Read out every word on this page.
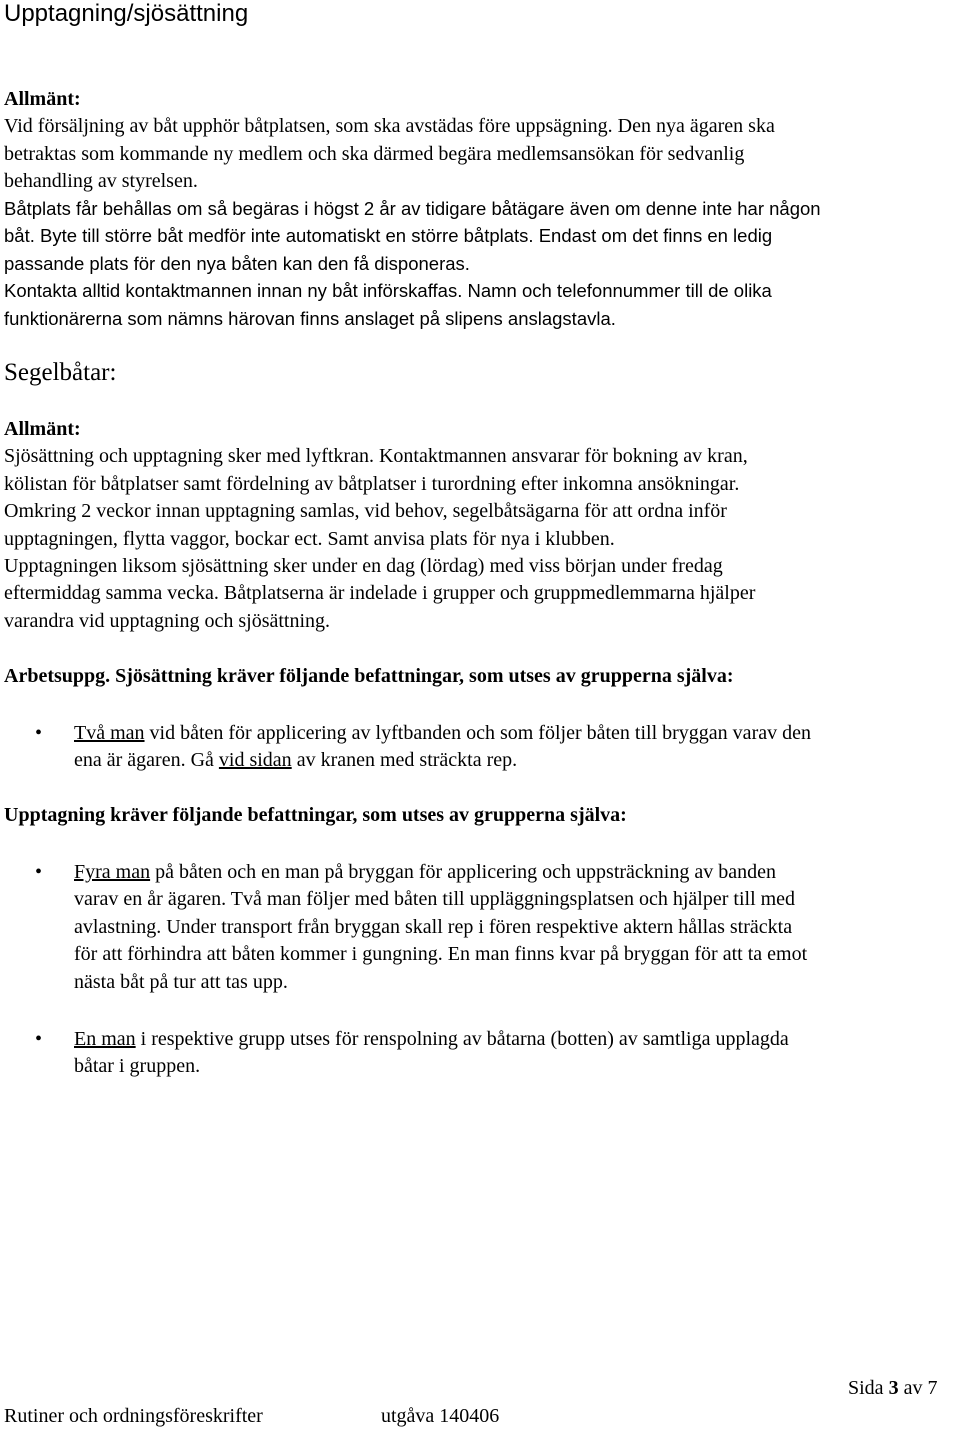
Upptagning/sjösättning

Allmänt:

Vid försäljning av båt upphör båtplatsen, som ska avstädas före uppsägning. Den nya ägaren ska

betraktas som kommande ny medlem och ska därmed begära medlemsansökan för sedvanlig

behandling av styrelsen.

Båtplats får behållas om så begäras i högst 2 år av tidigare båtägare även om denne inte har någon

båt. Byte till större båt medför inte automatiskt en större båtplats. Endast om det finns en ledig

passande plats för den nya båten kan den få disponeras.

Kontakta alltid kontaktmannen innan ny båt införskaffas. Namn och telefonnummer till de olika

funktionärerna som nämns härovan finns anslaget på slipens anslagstavla.

Segelbåtar:

Allmänt:

Sjösättning och upptagning sker med lyftkran. Kontaktmannen ansvarar för bokning av kran,

kölistan för båtplatser samt fördelning av båtplatser i turordning efter inkomna ansökningar.

Omkring 2 veckor innan upptagning samlas, vid behov, segelbåtsägarna för att ordna inför

upptagningen, flytta vaggor, bockar ect. Samt anvisa plats för nya i klubben.

Upptagningen liksom sjösättning sker under en dag (lördag) med viss början under fredag

eftermiddag samma vecka. Båtplatserna är indelade i grupper och gruppmedlemmarna hjälper

varandra vid upptagning och sjösättning.

Arbetsuppg. Sjösättning kräver följande befattningar, som utses av grupperna själva:
• Två man vid båten för applicering av lyftbanden och som följer båten till bryggan varav den

ena är ägaren. Gå vid sidan av kranen med sträckta rep.

Upptagning kräver följande befattningar, som utses av grupperna själva:
• Fyra man på båten och en man på bryggan för applicering och uppsträckning av banden

varav en år ägaren. Två man följer med båten till uppläggningsplatsen och hjälper till med

avlastning. Under transport från bryggan skall rep i fören respektive aktern hållas sträckta

för att förhindra att båten kommer i gungning. En man finns kvar på bryggan för att ta emot

nästa båt på tur att tas upp.

• En man i respektive grupp utses för renspolning av båtarna (botten) av samtliga upplagda

båtar i gruppen.

Sida 3 av 7
Rutiner och ordningsföreskrifter	utgåva 140406
